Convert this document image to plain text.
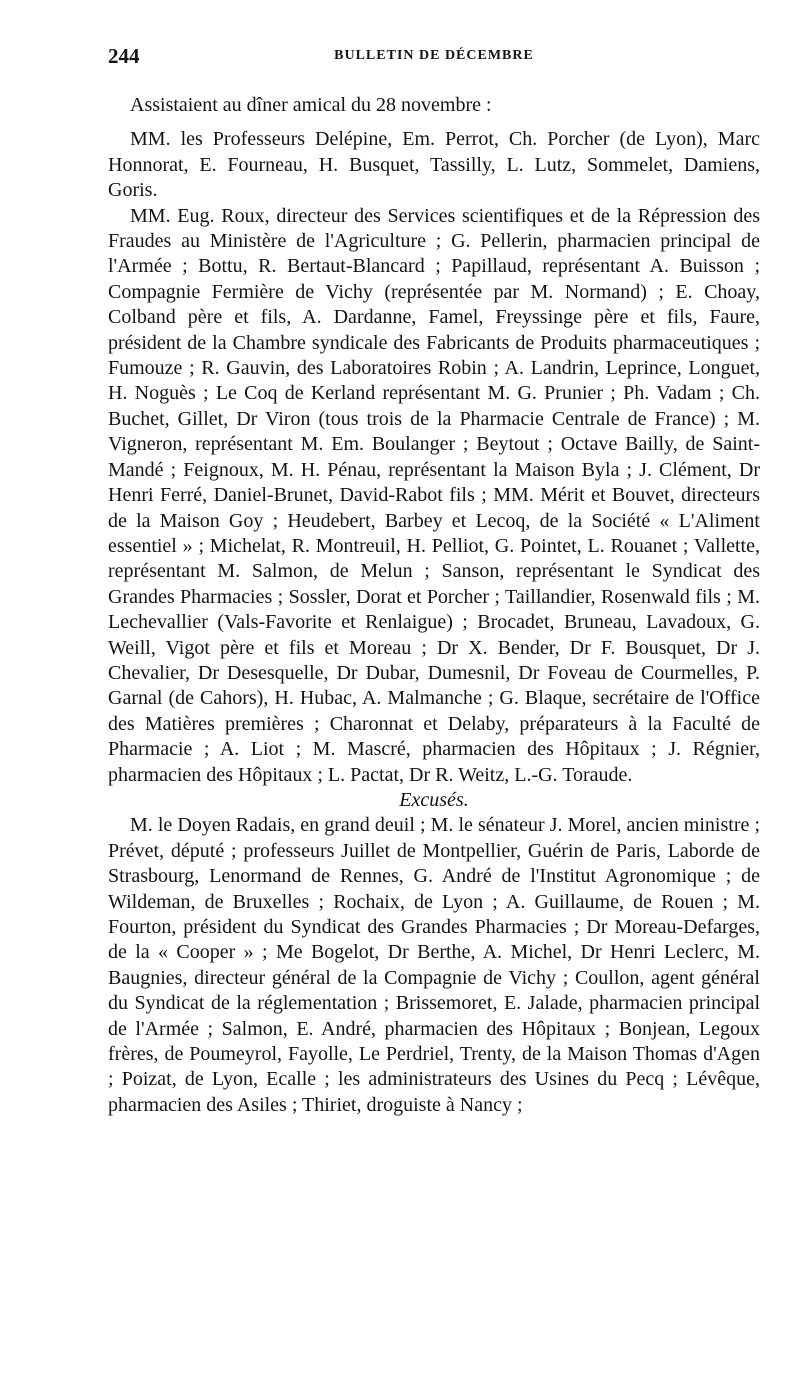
244	BULLETIN DE DÉCEMBRE

Assistaient au dîner amical du 28 novembre :

MM. les Professeurs Delépine, Em. Perrot, Ch. Porcher (de Lyon), Marc Honnorat, E. Fourneau, H. Busquet, Tassilly, L. Lutz, Sommelet, Damiens, Goris.

MM. Eug. Roux, directeur des Services scientifiques et de la Répression des Fraudes au Ministère de l'Agriculture ; G. Pellerin, pharmacien principal de l'Armée ; Bottu, R. Bertaut-Blancard ; Papillaud, représentant A. Buisson ; Compagnie Fermière de Vichy (représentée par M. Normand) ; E. Choay, Colband père et fils, A. Dardanne, Famel, Freyssinge père et fils, Faure, président de la Chambre syndicale des Fabricants de Produits pharmaceutiques ; Fumouze ; R. Gauvin, des Laboratoires Robin ; A. Landrin, Leprince, Longuet, H. Noguès ; Le Coq de Kerland représentant M. G. Prunier ; Ph. Vadam ; Ch. Buchet, Gillet, Dr Viron (tous trois de la Pharmacie Centrale de France) ; M. Vigneron, représentant M. Em. Boulanger ; Beytout ; Octave Bailly, de Saint-Mandé ; Feignoux, M. H. Pénau, représentant la Maison Byla ; J. Clément, Dr Henri Ferré, Daniel-Brunet, David-Rabot fils ; MM. Mérit et Bouvet, directeurs de la Maison Goy ; Heudebert, Barbey et Lecoq, de la Société « L'Aliment essentiel » ; Michelat, R. Montreuil, H. Pelliot, G. Pointet, L. Rouanet ; Vallette, représentant M. Salmon, de Melun ; Sanson, représentant le Syndicat des Grandes Pharmacies ; Sossler, Dorat et Porcher ; Taillandier, Rosenwald fils ; M. Lechevallier (Vals-Favorite et Renlaigue) ; Brocadet, Bruneau, Lavadoux, G. Weill, Vigot père et fils et Moreau ; Dr X. Bender, Dr F. Bousquet, Dr J. Chevalier, Dr Desesquelle, Dr Dubar, Dumesnil, Dr Foveau de Courmelles, P. Garnal (de Cahors), H. Hubac, A. Malmanche ; G. Blaque, secrétaire de l'Office des Matières premières ; Charonnat et Delaby, préparateurs à la Faculté de Pharmacie ; A. Liot ; M. Mascré, pharmacien des Hôpitaux ; J. Régnier, pharmacien des Hôpitaux ; L. Pactat, Dr R. Weitz, L.-G. Toraude.

Excusés.

M. le Doyen Radais, en grand deuil ; M. le sénateur J. Morel, ancien ministre ; Prévet, député ; professeurs Juillet de Montpellier, Guérin de Paris, Laborde de Strasbourg, Lenormand de Rennes, G. André de l'Institut Agronomique ; de Wildeman, de Bruxelles ; Rochaix, de Lyon ; A. Guillaume, de Rouen ; M. Fourton, président du Syndicat des Grandes Pharmacies ; Dr Moreau-Defarges, de la « Cooper » ; Me Bogelot, Dr Berthe, A. Michel, Dr Henri Leclerc, M. Baugnies, directeur général de la Compagnie de Vichy ; Coullon, agent général du Syndicat de la réglementation ; Brissemoret, E. Jalade, pharmacien principal de l'Armée ; Salmon, E. André, pharmacien des Hôpitaux ; Bonjean, Legoux frères, de Poumeyrol, Fayolle, Le Perdriel, Trenty, de la Maison Thomas d'Agen ; Poizat, de Lyon, Ecalle ; les administrateurs des Usines du Pecq ; Lévêque, pharmacien des Asiles ; Thiriet, droguiste à Nancy ;
